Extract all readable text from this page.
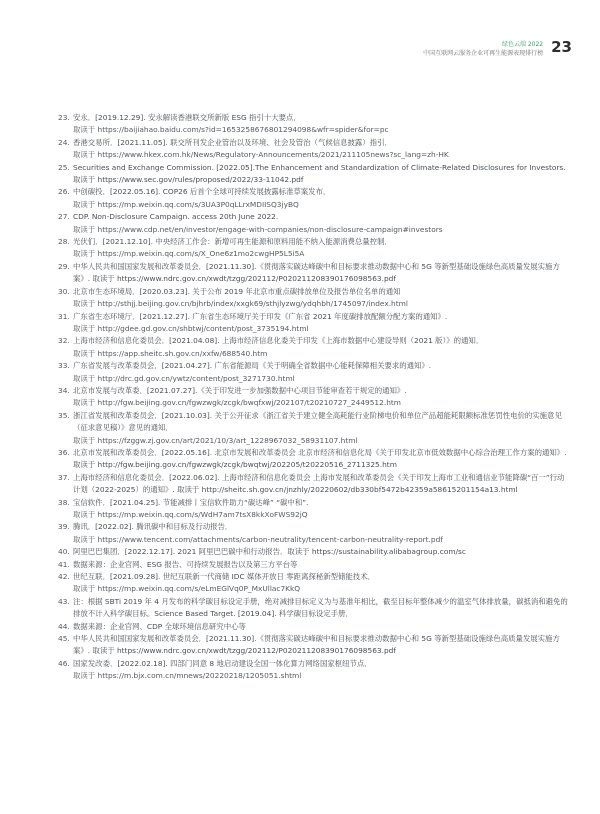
绿色云端 2022
中国互联网云服务企业可再生能源表现排行榜 23
23. 安永．[2019.12.29]. 安永解读香港联交所新版 ESG 指引十大要点．
取读于 https://baijiahao.baidu.com/s?id=1653258676801294098&wfr=spider&for=pc
24. 香港交易所．[2021.11.05]. 联交所刊发企业管治以及环境、社会及管治（气候信息披露）指引．
取读于 https://www.hkex.com.hk/News/Regulatory-Announcements/2021/211105news?sc_lang=zh-HK
25. Securities and Exchange Commission. [2022.05].The Enhancement and Standardization of Climate-Related Disclosures for Investors. 取读于 https://www.sec.gov/rules/proposed/2022/33-11042.pdf
26. 中创碳投．[2022.05.16]. COP26 后首个全球可持续发展披露标准草案发布．
取读于 https://mp.weixin.qq.com/s/3UA3P0qLLrxMDIISQ3jyBQ
27. CDP. Non-Disclosure Campaign. access 20th June 2022.
取读于 https://www.cdp.net/en/investor/engage-with-companies/non-disclosure-campaign#investors
28. 光伏们．[2021.12.10]. 中央经济工作会：新增可再生能源和原料用能不纳入能源消费总量控制．
取读于 https://mp.weixin.qq.com/s/X_One6z1mo2cwgHP5L5i5A
29. 中华人民共和国国家发展和改革委员会．[2021.11.30].《贯彻落实碳达峰碳中和目标要求推动数据中心和 5G 等新型基础设施绿色高质量发展实施方案》. 取读于 https://www.ndrc.gov.cn/xwdt/tzgg/202112/P020211208390176098563.pdf
30. 北京市生态环境局．[2020.03.23]. 关于公布 2019 年北京市重点碳排放单位及报告单位名单的通知
取读于 http://sthjj.beijing.gov.cn/bjhrb/index/xxgk69/sthjlyzwg/ydqhbh/1745097/index.html
31. 广东省生态环境厅．[2021.12.27]. 广东省生态环境厅关于印发《广东省 2021 年度碳排放配额分配方案的通知》.
取读于 http://gdee.gd.gov.cn/shbtwj/content/post_3735194.html
32. 上海市经济和信息化委员会．[2021.04.08]. 上海市经济信息化委关于印发《上海市数据中心建设导则（2021 版）》的通知．
取读于 https://app.sheitc.sh.gov.cn/xxfw/688540.htm
33. 广东省发展与改革委员会．[2021.04.27]. 广东省能源局《关于明确全省数据中心能耗保障相关要求的通知》.
取读于 http://drc.gd.gov.cn/ywtz/content/post_3271730.html
34. 北京市发展与改革委．[2021.07.27].《关于印发进一步加强数据中心项目节能审查若干规定的通知》.
取读于 http://fgw.beijing.gov.cn/fgwzwgk/zcgk/bwqfxwj/202107/t20210727_2449512.htm
35. 浙江省发展和改革委员会．[2021.10.03]. 关于公开征求《浙江省关于建立健全高耗能行业阶梯电价和单位产品超能耗限额标准惩罚性电价的实施意见（征求意见稿）》意见的通知．
取读于 https://fzggw.zj.gov.cn/art/2021/10/3/art_1228967032_58931107.html
36. 北京市发展和改革委员会．[2022.05.16]. 北京市发展和改革委员会 北京市经济和信息化局《关于印发北京市低效数据中心综合治理工作方案的通知》. 取读于 http://fgw.beijing.gov.cn/fgwzwgk/zcgk/bwqtwj/202205/t20220516_2711325.htm
37. 上海市经济和信息化委员会．[2022.06.02]. 上海市经济和信息化委员会 上海市发展和改革委员会《关于印发上海市工业和通信业节能降碳“百一”行动计划（2022-2025）的通知》. 取读于 http://sheitc.sh.gov.cn/jnzhly/20220602/db330bf5472b42359a58615201154a13.html
38. 宝信软件．[2021.04.25]. 节能减排丨宝信软件助力“碳达峰” “碳中和”.
取读于 https://mp.weixin.qq.com/s/WdH7am7tsX8kkXoFWS92jQ
39. 腾讯．[2022.02]. 腾讯碳中和目标及行动报告．
取读于 https://www.tencent.com/attachments/carbon-neutrality/tencent-carbon-neutrality-report.pdf
40. 阿里巴巴集团．[2022.12.17]. 2021 阿里巴巴碳中和行动报告．取读于 https://sustainability.alibabagroup.com/sc
41. 数据来源：企业官网、ESG 报告、可持续发展报告以及第三方平台等
42. 世纪互联．[2021.09.28]. 世纪互联新一代商储 IDC 媒体开放日 零距离探秘新型储能技术．
取读于 https://mp.weixin.qq.com/s/eLmEGlVq0P_MxUllac7KkQ
43. 注：根据 SBTi 2019 年 4 月发布的科学碳目标设定手册，绝对减排目标定义为与基准年相比，截至目标年整体减少的温室气体排放量，碳抵消和避免的排放不计入科学碳目标。Science Based Target. [2019.04]. 科学碳目标设定手册．
44. 数据来源：企业官网、CDP 全球环境信息研究中心等
45. 中华人民共和国国家发展和改革委员会．[2021.11.30].《贯彻落实碳达峰碳中和目标要求推动数据中心和 5G 等新型基础设施绿色高质量发展实施方案》. 取读于 https://www.ndrc.gov.cn/xwdt/tzgg/202112/P020211208390176098563.pdf
46. 国家发改委．[2022.02.18]. 四部门同意 8 地启动建设全国一体化算力网络国家枢纽节点．
取读于 https://m.bjx.com.cn/mnews/20220218/1205051.shtml
